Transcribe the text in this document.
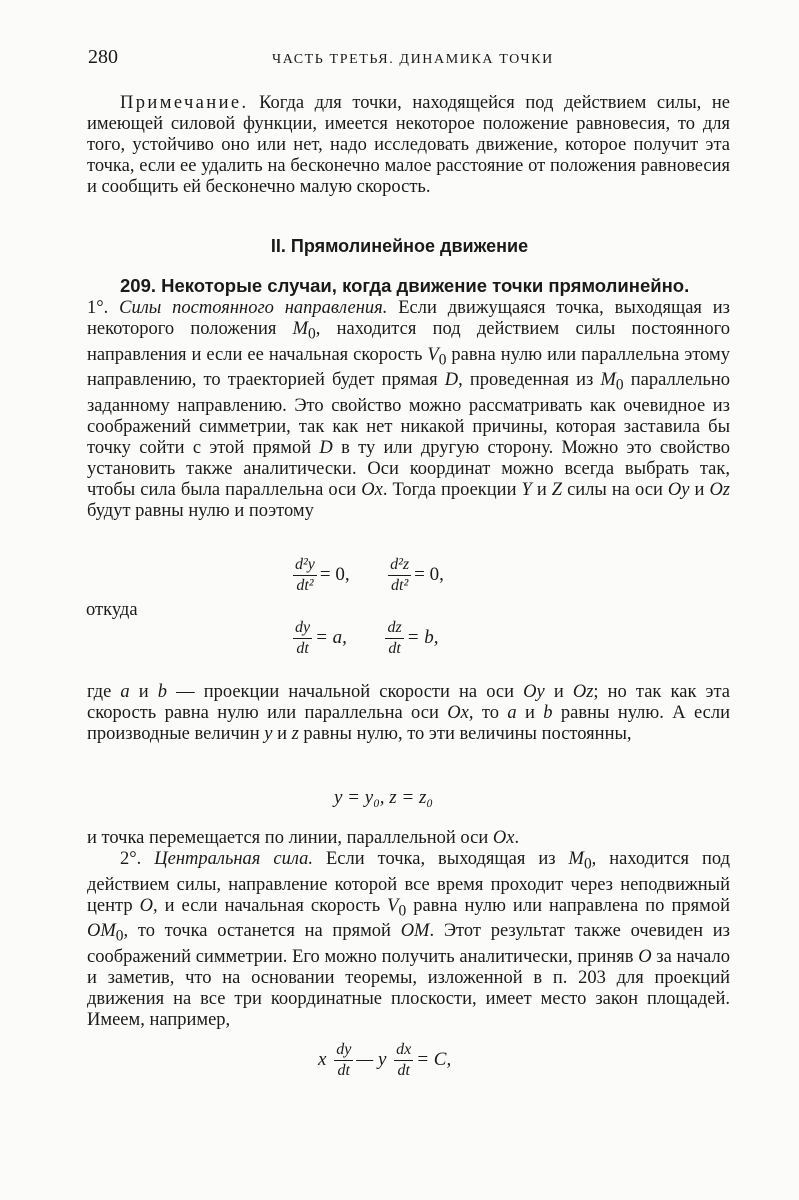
280	ЧАСТЬ ТРЕТЬЯ. ДИНАМИКА ТОЧКИ

Примечание. Когда для точки, находящейся под действием силы, не имеющей силовой функции, имеется некоторое положение равновесия, то для того, устойчиво оно или нет, надо исследовать движение, которое получит эта точка, если ее удалить на бесконечно малое расстояние от положения равновесия и сообщить ей бесконечно малую скорость.

II. Прямолинейное движение

209. Некоторые случаи, когда движение точки прямолинейно.

1°. Силы постоянного направления. Если движущаяся точка, выходящая из некоторого положения $M_0$, находится под действием силы постоянного направления и если ее начальная скорость $V_0$ равна нулю или параллельна этому направлению, то траекторией будет прямая D, проведенная из $M_0$ параллельно заданному направлению. Это свойство можно рассматривать как очевидное из соображений симметрии, так как нет никакой причины, которая заставила бы точку сойти с этой прямой D в ту или другую сторону. Можно это свойство установить также аналитически. Оси координат можно всегда выбрать так, чтобы сила была параллельна оси Ox. Тогда проекции Y и Z силы на оси Oy и Oz будут равны нулю и поэтому

$\frac{\text{d²y}}{\text{dt²}} = 0$, $\frac{\text{d²z}}{\text{dt²}} = 0$,
откуда
$\frac{dy}{dt} = a$, $\frac{dz}{dt} = b$,

где a и b — проекции начальной скорости на оси Oy и Oz; но так как эта скорость равна нулю или параллельна оси Ox, то a и b равны нулю. А если производные величин y и z равны нулю, то эти величины постоянны,

y = y₀, z = z₀

и точка перемещается по линии, параллельной оси Ox.

2°. Центральная сила. Если точка, выходящая из $M_0$, находится под действием силы, направление которой все время проходит через неподвижный центр O, и если начальная скорость $V_0$ равна нулю или направлена по прямой $OM_0$, то точка останется на прямой OM. Этот результат также очевиден из соображений симметрии. Его можно получить аналитически, приняв O за начало и заметив, что на основании теоремы, изложенной в п. 203 для проекций движения на все три координатные плоскости, имеет место закон площадей. Имеем, например,

x $\frac{dy}{dt}$ — y $\frac{dx}{dt} = C$,
